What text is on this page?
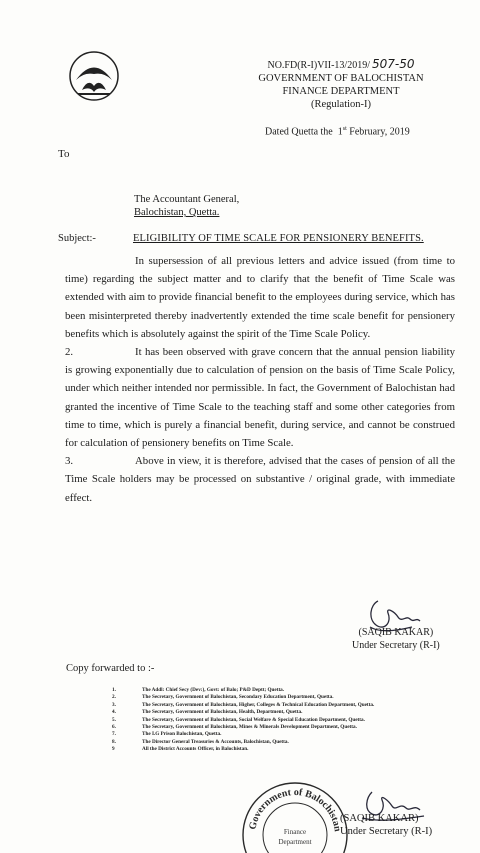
NO.FD(R-I)VII-13/2019/ 507-50
GOVERNMENT OF BALOCHISTAN
FINANCE DEPARTMENT
(Regulation-I)
Dated Quetta the 1st February, 2019
To
The Accountant General,
Balochistan, Quetta.
Subject:-	ELIGIBILITY OF TIME SCALE FOR PENSIONERY BENEFITS.

In supersession of all previous letters and advice issued (from time to time) regarding the subject matter and to clarify that the benefit of Time Scale was extended with aim to provide financial benefit to the employees during service, which has been misinterpreted thereby inadvertently extended the time scale benefit for pensionery benefits which is absolutely against the spirit of the Time Scale Policy.

2.	It has been observed with grave concern that the annual pension liability is growing exponentially due to calculation of pension on the basis of Time Scale Policy, under which neither intended nor permissible. In fact, the Government of Balochistan had granted the incentive of Time Scale to the teaching staff and some other categories from time to time, which is purely a financial benefit, during service, and cannot be construed for calculation of pensionery benefits on Time Scale.

3.	Above in view, it is therefore, advised that the cases of pension of all the Time Scale holders may be processed on substantive / original grade, with immediate effect.

(SAQIB KAKAR)
Under Secretary (R-I)
Copy forwarded to :-
1.	The Addl: Chief Secy (Dev:), Govt: of Balo; P&D Deptt; Quetta.
2.	The Secretary, Government of Balochistan, Secondary Education Department, Quetta.
3.	The Secretary, Government of Balochistan, Higher, Colleges & Technical Education Department, Quetta.
4.	The Secretary, Government of Balochistan, Health, Department, Quetta.
5.	The Secretary, Government of Balochistan, Social Welfare & Special Education Department, Quetta.
6.	The Secretary, Government of Balochistan, Mines & Minerals Development Department, Quetta.
7.	The I.G Prison Balochistan, Quetta.
8.	The Director General Treasuries & Accounts, Balochistan, Quetta.
9	All the District Accounts Officer, in Balochistan.
Government of Balochistan
Finance
Department
(SAQIB KAKAR)
Under Secretary (R-I)
